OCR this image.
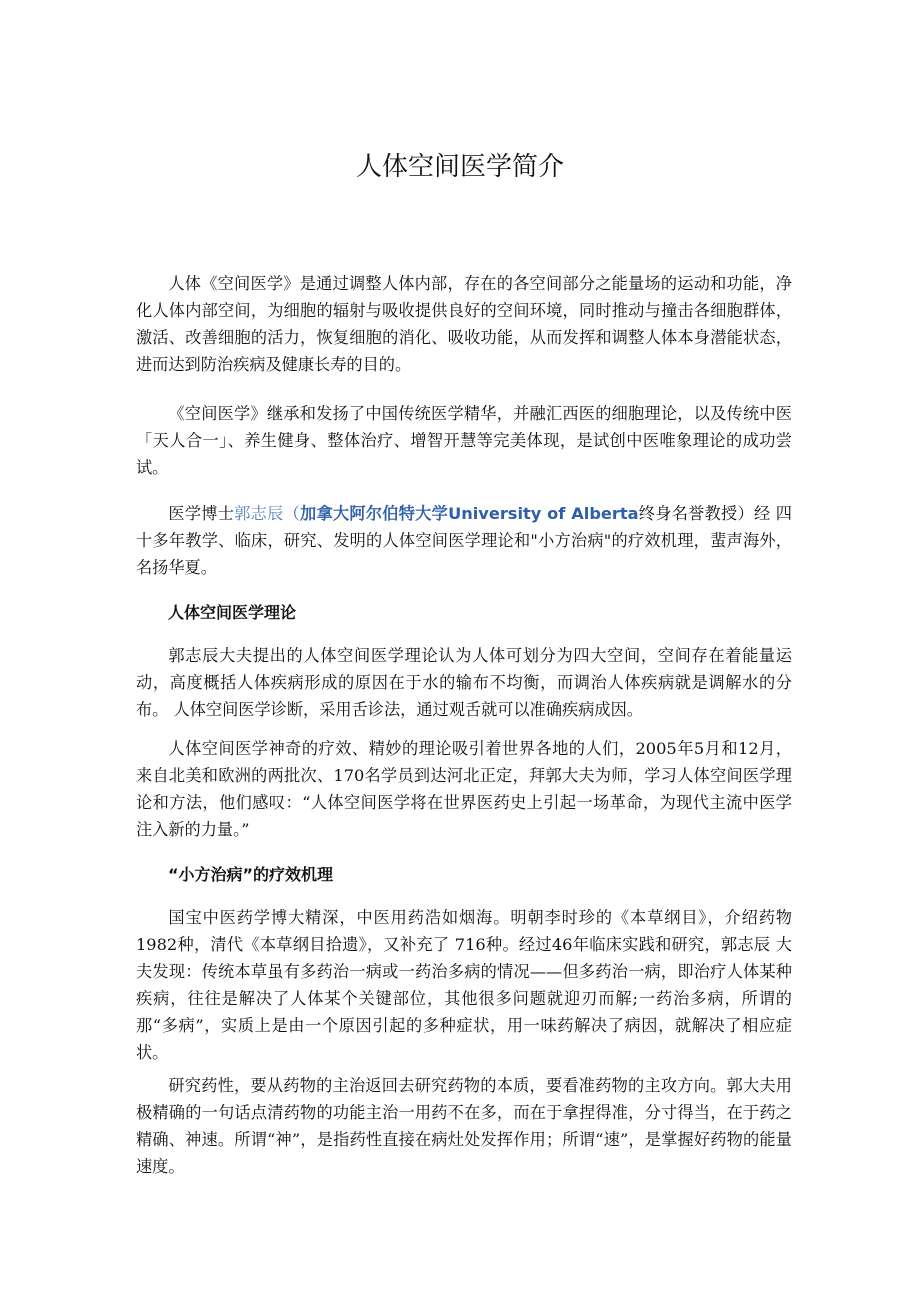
人体空间医学简介

人体《空间医学》是通过调整人体内部，存在的各空间部分之能量场的运动和功能，净化人体内部空间，为细胞的辐射与吸收提供良好的空间环境，同时推动与撞击各细胞群体，激活、改善细胞的活力，恢复细胞的消化、吸收功能，从而发挥和调整人体本身潜能状态，进而达到防治疾病及健康长寿的目的。

《空间医学》继承和发扬了中国传统医学精华，并融汇西医的细胞理论，以及传统中医 「天人合一」、养生健身、整体治疗、增智开慧等完美体现，是试创中医唯象理论的成功尝 试。

医学博士郭志辰（加拿大阿尔伯特大学University of Alberta终身名誉教授）经 四十多年教学、临床，研究、发明的人体空间医学理论和"小方治病"的疗效机理，蜚声海外，名扬华夏。

人体空间医学理论

郭志辰大夫提出的人体空间医学理论认为人体可划分为四大空间，空间存在着能量运动，高度概括人体疾病形成的原因在于水的输布不均衡，而调治人体疾病就是调解水的分布。 人体空间医学诊断，采用舌诊法，通过观舌就可以准确疾病成因。

人体空间医学神奇的疗效、精妙的理论吸引着世界各地的人们，2005年5月和12月， 来自北美和欧洲的两批次、170名学员到达河北正定，拜郭大夫为师，学习人体空间医学理 论和方法，他们感叹：“人体空间医学将在世界医药史上引起一场革命，为现代主流中医学 注入新的力量。”

“小方治病”的疗效机理

国宝中医药学博大精深，中医用药浩如烟海。明朝李时珍的《本草纲目》，介绍药物1982种，清代《本草纲目拾遗》，又补充了 716种。经过46年临床实践和研究，郭志辰 大夫发现：传统本草虽有多药治一病或一药治多病的情况——但多药治一病，即治疗人体某种疾病，往往是解决了人体某个关键部位，其他很多问题就迎刃而解;一药治多病，所谓的那“多病”，实质上是由一个原因引起的多种症状，用一味药解决了病因，就解决了相应症状。

研究药性，要从药物的主治返回去研究药物的本质，要看准药物的主攻方向。郭大夫用极精确的一句话点清药物的功能主治一用药不在多，而在于拿捏得准，分寸得当，在于药之精确、神速。所谓“神”，是指药性直接在病灶处发挥作用；所谓“速”，是掌握好药物的能量速度。
